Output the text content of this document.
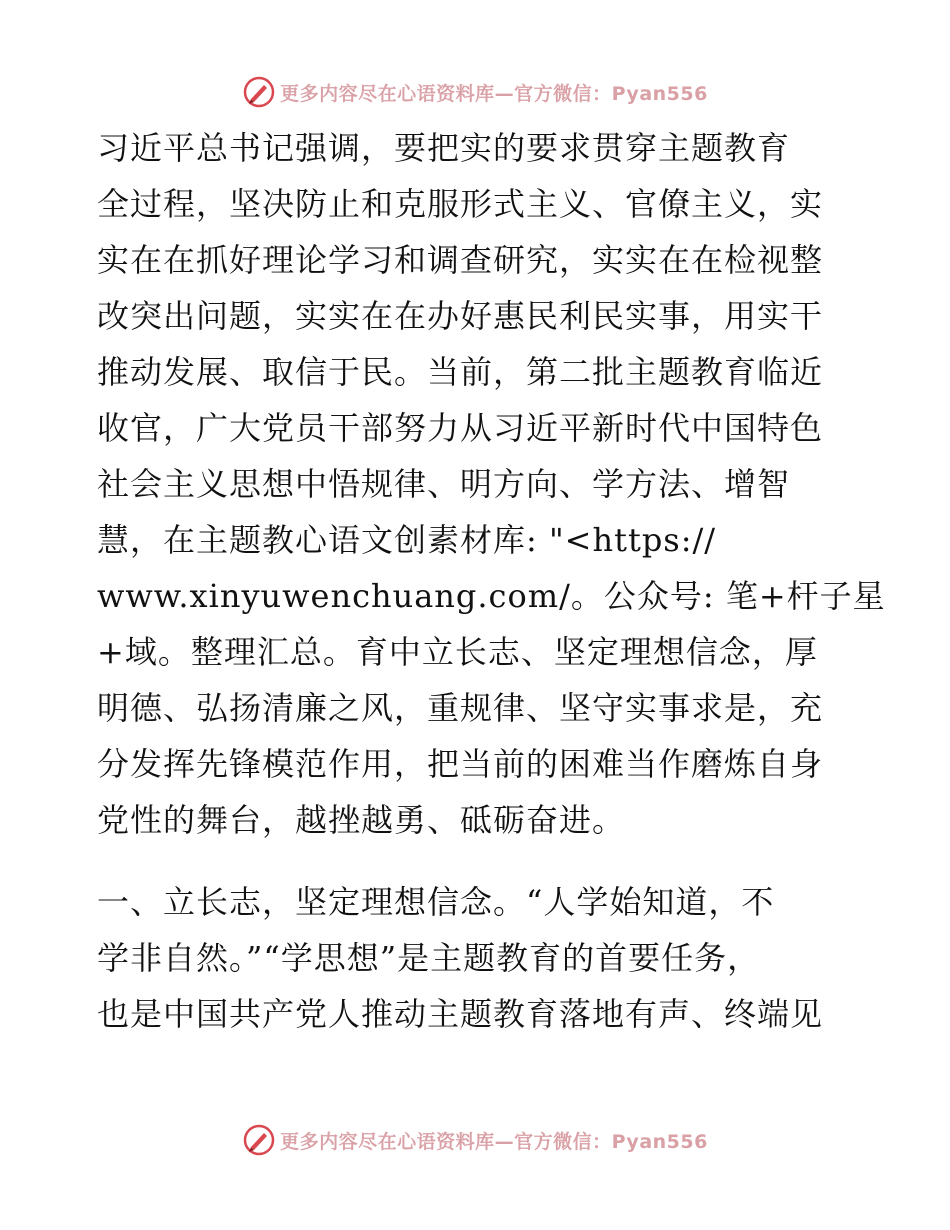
更多内容尽在心语资料库—官方微信：Pyan556
习近平总书记强调，要把实的要求贯穿主题教育
全过程，坚决防止和克服形式主义、官僚主义，实
实在在抓好理论学习和调查研究，实实在在检视整
改突出问题，实实在在办好惠民利民实事，用实干
推动发展、取信于民。当前，第二批主题教育临近
收官，广大党员干部努力从习近平新时代中国特色
社会主义思想中悟规律、明方向、学方法、增智
慧，在主题教心语文创素材库: "<https://
www.xinyuwenchuang.com/。公众号: 笔+杆子星
+域。整理汇总。育中立长志、坚定理想信念，厚
明德、弘扬清廉之风，重规律、坚守实事求是，充
分发挥先锋模范作用，把当前的困难当作磨炼自身
党性的舞台，越挫越勇、砥砺奋进。
一、立长志，坚定理想信念。“人学始知道，不
学非自然。”“学思想”是主题教育的首要任务，
也是中国共产党人推动主题教育落地有声、终端见
更多内容尽在心语资料库—官方微信：Pyan556
